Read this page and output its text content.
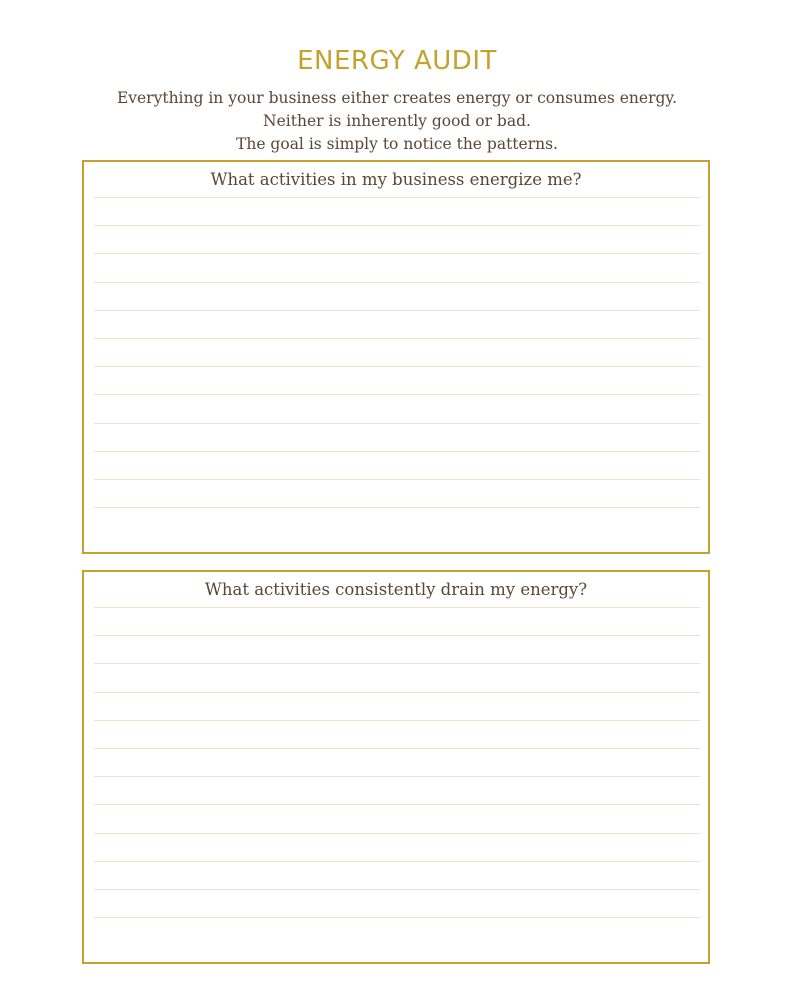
ENERGY AUDIT
Everything in your business either creates energy or consumes energy.
Neither is inherently good or bad.
The goal is simply to notice the patterns.
What activities in my business energize me?
What activities consistently drain my energy?
